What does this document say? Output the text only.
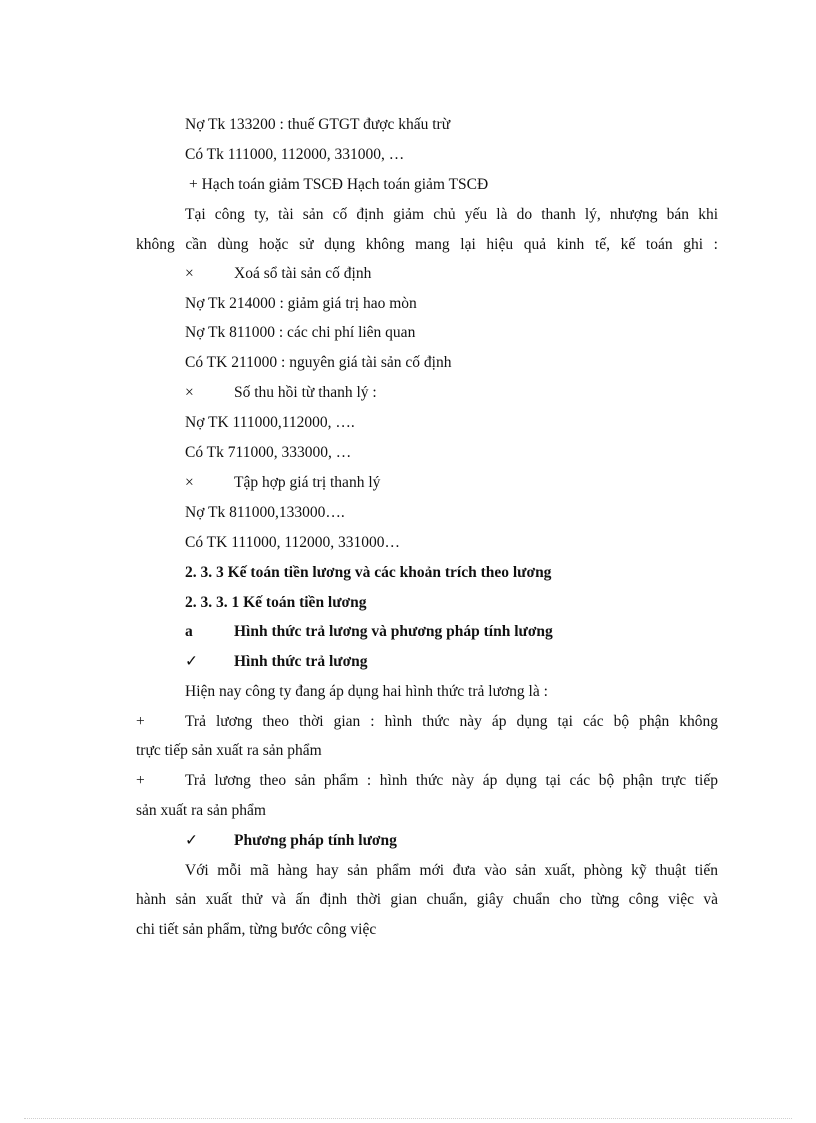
Nợ Tk 133200 : thuế GTGT được khấu trừ
Có Tk 111000, 112000, 331000, …
+ Hạch toán giảm TSCĐ Hạch toán giảm TSCĐ
Tại công ty, tài sản cố định giảm chủ yếu là do thanh lý, nhượng bán khi
không cần dùng hoặc sử dụng không mang lại hiệu quả kinh tế, kế toán ghi :
×	Xoá sổ tài sản cố định
Nợ Tk 214000 : giảm giá trị hao mòn
Nợ Tk 811000 : các chi phí liên quan
Có TK 211000 : nguyên giá tài sản cố định
×	Số thu hồi từ thanh lý :
Nợ TK 111000,112000, ….
Có Tk 711000, 333000, …
×	Tập hợp giá trị thanh lý
Nợ Tk 811000,133000….
Có TK 111000, 112000, 331000…
2. 3. 3 Kế toán tiền lương và các khoản trích theo lương
2. 3. 3. 1 Kế toán tiền lương
a	Hình thức trả lương và phương pháp tính lương
✓ Hình thức trả lương
Hiện nay công ty đang áp dụng hai hình thức trả lương là :
+	Trả lương theo thời gian : hình thức này áp dụng tại các bộ phận không
trực tiếp sản xuất ra sản phẩm
+	Trả lương theo sản phẩm : hình thức này áp dụng tại các bộ phận trực tiếp
sản xuất ra sản phẩm
✓ Phương pháp tính lương
Với mỗi mã hàng hay sản phẩm mới đưa vào sản xuất, phòng kỹ thuật tiến
hành sản xuất thử và ấn định thời gian chuẩn, giây chuẩn cho từng công việc và
chi tiết sản phẩm, từng bước công việc
